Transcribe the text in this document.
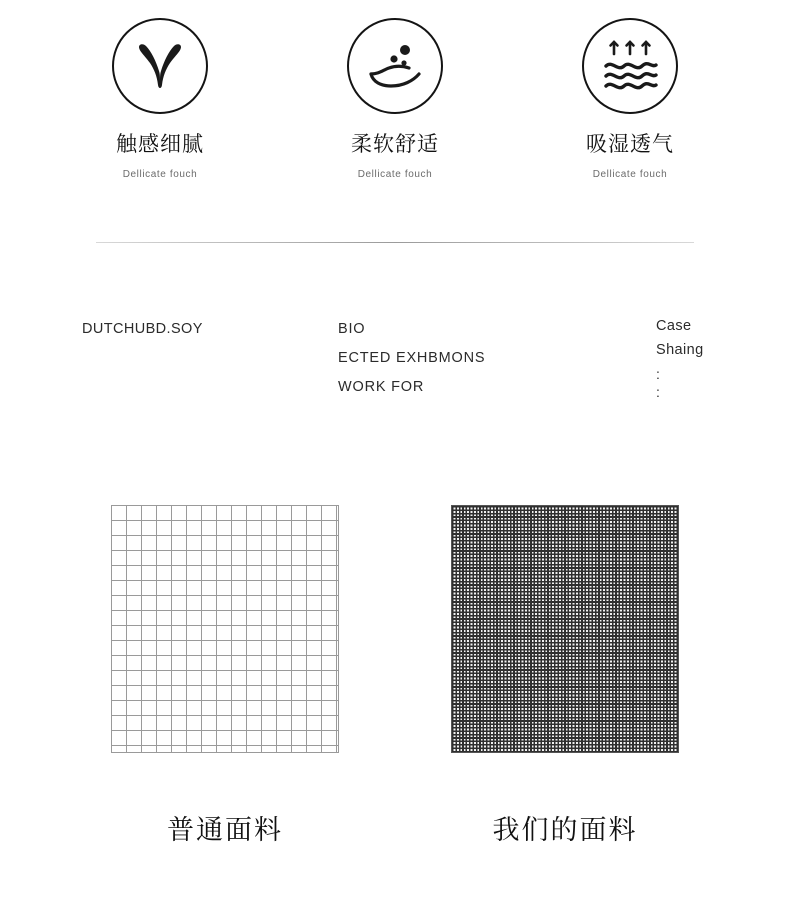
触感细腻
Dellicate fouch
柔软舒适
Dellicate fouch
吸湿透气
Dellicate fouch
DUTCHUBD.SOY	BIO
ECTED EXHBMONS
WORK FOR
Case
Shaing
:
:
普通面料	我们的面料
